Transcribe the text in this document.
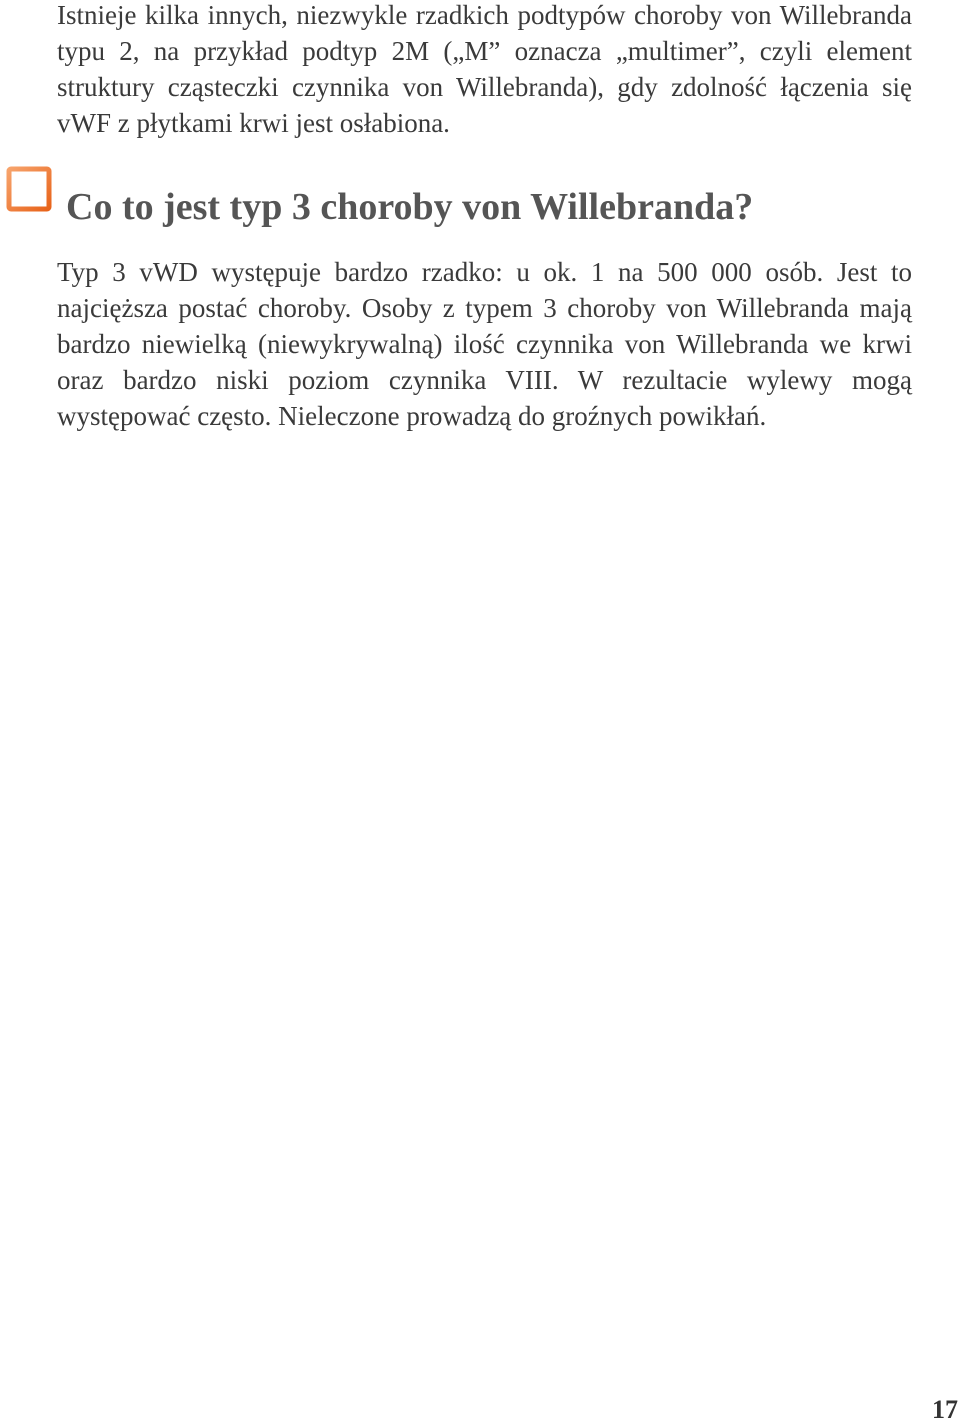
Istnieje kilka innych, niezwykle rzadkich podtypów choroby von Willebranda typu 2, na przykład podtyp 2M („M” oznacza „multimer”, czyli element struktury cząsteczki czynnika von Willebranda), gdy zdolność łączenia się vWF z płytkami krwi jest osłabiona.

Co to jest typ 3 choroby von Willebranda?

Typ 3 vWD występuje bardzo rzadko: u ok. 1 na 500 000 osób. Jest to najcięższa postać choroby. Osoby z typem 3 choroby von Willebranda mają bardzo niewielką (niewykrywalną) ilość czynnika von Willebranda we krwi oraz bardzo niski poziom czynnika VIII. W rezultacie wylewy mogą występować często. Nieleczone prowadzą do groźnych powikłań.

17
